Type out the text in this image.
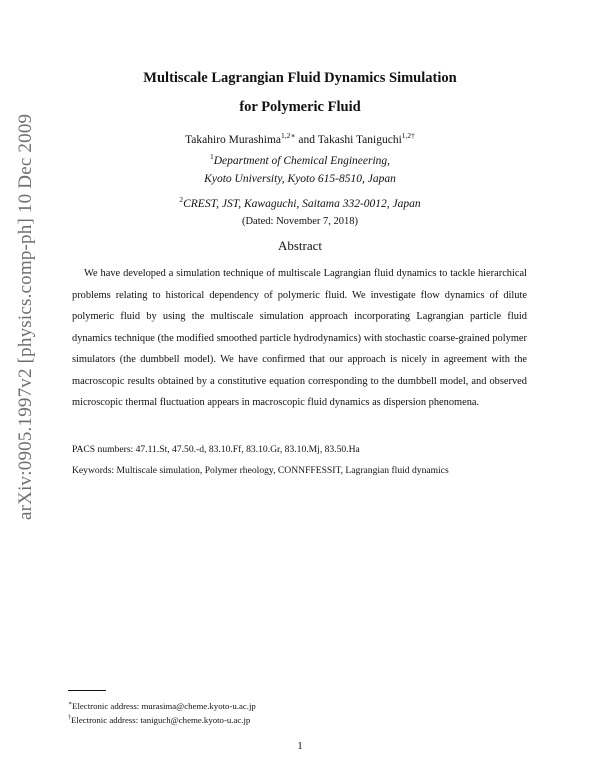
arXiv:0905.1997v2 [physics.comp-ph] 10 Dec 2009
Multiscale Lagrangian Fluid Dynamics Simulation
for Polymeric Fluid
Takahiro Murashima$^{1,2∗}$ and Takashi Taniguchi$^{1,2\dagger}$
$^1$Department of Chemical Engineering,
Kyoto University, Kyoto 615-8510, Japan
$^2$CREST, JST, Kawaguchi, Saitama 332-0012, Japan
(Dated: November 7, 2018)
Abstract
We have developed a simulation technique of multiscale Lagrangian fluid dynamics to tackle hierarchical problems relating to historical dependency of polymeric fluid. We investigate flow dynamics of dilute polymeric fluid by using the multiscale simulation approach incorporating Lagrangian particle fluid dynamics technique (the modified smoothed particle hydrodynamics) with stochastic coarse-grained polymer simulators (the dumbbell model). We have confirmed that our approach is nicely in agreement with the macroscopic results obtained by a constitutive equation corresponding to the dumbbell model, and observed microscopic thermal fluctuation appears in macroscopic fluid dynamics as dispersion phenomena.
PACS numbers: 47.11.St, 47.50.-d, 83.10.Ff, 83.10.Gr, 83.10.Mj, 83.50.Ha
Keywords: Multiscale simulation, Polymer rheology, CONNFFESSIT, Lagrangian fluid dynamics
∗Electronic address: murasima@cheme.kyoto-u.ac.jp
†Electronic address: taniguch@cheme.kyoto-u.ac.jp
1
